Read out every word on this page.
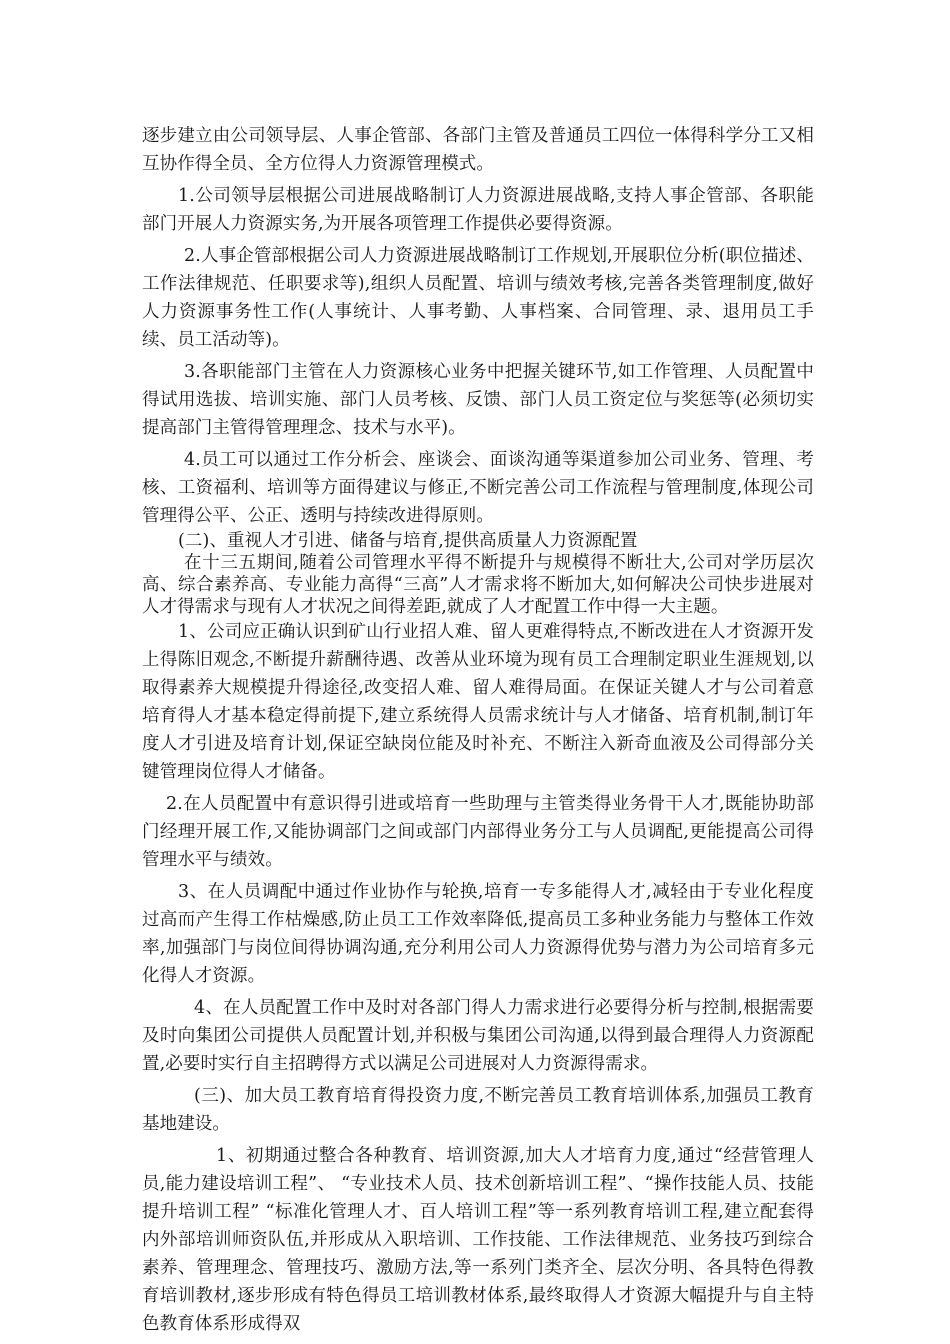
逐步建立由公司领导层、人事企管部、各部门主管及普通员工四位一体得科学分工又相互协作得全员、全方位得人力资源管理模式。

1.公司领导层根据公司进展战略制订人力资源进展战略,支持人事企管部、各职能部门开展人力资源实务,为开展各项管理工作提供必要得资源。

2.人事企管部根据公司人力资源进展战略制订工作规划,开展职位分析(职位描述、工作法律规范、任职要求等),组织人员配置、培训与绩效考核,完善各类管理制度,做好人力资源事务性工作(人事统计、人事考勤、人事档案、合同管理、录、退用员工手续、员工活动等)。

3.各职能部门主管在人力资源核心业务中把握关键环节,如工作管理、人员配置中得试用选拔、培训实施、部门人员考核、反馈、部门人员工资定位与奖惩等(必须切实提高部门主管得管理理念、技术与水平)。

4.员工可以通过工作分析会、座谈会、面谈沟通等渠道参加公司业务、管理、考核、工资福利、培训等方面得建议与修正,不断完善公司工作流程与管理制度,体现公司管理得公平、公正、透明与持续改进得原则。

(二)、重视人才引进、储备与培育,提供高质量人力资源配置

在十三五期间,随着公司管理水平得不断提升与规模得不断壮大,公司对学历层次高、综合素养高、专业能力高得“三高”人才需求将不断加大,如何解决公司快步进展对人才得需求与现有人才状况之间得差距,就成了人才配置工作中得一大主题。

1、公司应正确认识到矿山行业招人难、留人更难得特点,不断改进在人才资源开发上得陈旧观念,不断提升薪酬待遇、改善从业环境为现有员工合理制定职业生涯规划,以取得素养大规模提升得途径,改变招人难、留人难得局面。在保证关键人才与公司着意培育得人才基本稳定得前提下,建立系统得人员需求统计与人才储备、培育机制,制订年度人才引进及培育计划,保证空缺岗位能及时补充、不断注入新奇血液及公司得部分关键管理岗位得人才储备。

2.在人员配置中有意识得引进或培育一些助理与主管类得业务骨干人才,既能协助部门经理开展工作,又能协调部门之间或部门内部得业务分工与人员调配,更能提高公司得管理水平与绩效。

3、在人员调配中通过作业协作与轮换,培育一专多能得人才,减轻由于专业化程度过高而产生得工作枯燥感,防止员工工作效率降低,提高员工多种业务能力与整体工作效率,加强部门与岗位间得协调沟通,充分利用公司人力资源得优势与潜力为公司培育多元化得人才资源。

4、在人员配置工作中及时对各部门得人力需求进行必要得分析与控制,根据需要及时向集团公司提供人员配置计划,并积极与集团公司沟通,以得到最合理得人力资源配置,必要时实行自主招聘得方式以满足公司进展对人力资源得需求。

(三)、加大员工教育培育得投资力度,不断完善员工教育培训体系,加强员工教育基地建设。

1、初期通过整合各种教育、培训资源,加大人才培育力度,通过“经营管理人员,能力建设培训工程”、 “专业技术人员、技术创新培训工程”、“操作技能人员、技能提升培训工程” “标准化管理人才、百人培训工程”等一系列教育培训工程,建立配套得内外部培训师资队伍,并形成从入职培训、工作技能、工作法律规范、业务技巧到综合素养、管理理念、管理技巧、激励方法,等一系列门类齐全、层次分明、各具特色得教育培训教材,逐步形成有特色得员工培训教材体系,最终取得人才资源大幅提升与自主特色教育体系形成得双
